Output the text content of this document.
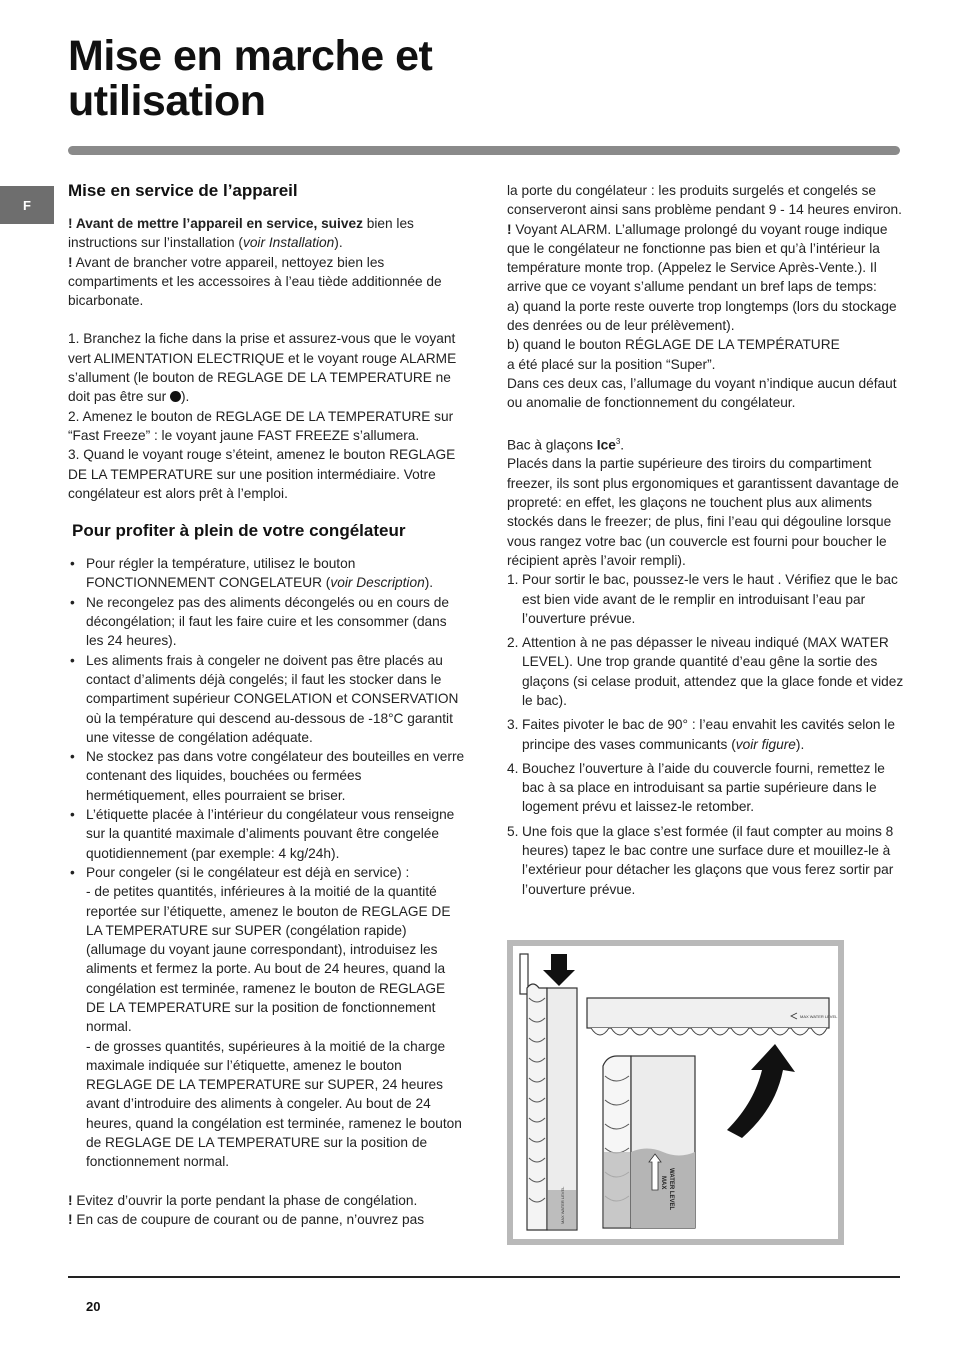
Mise en marche et
utilisation
F
Mise en service de l’appareil

! Avant de mettre l’appareil en service, suivez bien les instructions sur l’installation (voir Installation).

! Avant de brancher votre appareil, nettoyez bien les compartiments et les accessoires à l’eau tiède additionnée de bicarbonate.

1. Branchez la fiche dans la prise et assurez-vous que le voyant vert ALIMENTATION ELECTRIQUE et le voyant rouge ALARME s’allument (le bouton de REGLAGE DE LA TEMPERATURE ne doit pas être sur ).

2. Amenez le bouton de REGLAGE DE LA TEMPERATURE sur “Fast Freeze” : le voyant jaune FAST FREEZE s’allumera.

3. Quand le voyant rouge s’éteint, amenez le bouton REGLAGE DE LA TEMPERATURE sur une position intermédiaire. Votre congélateur est alors prêt à l’emploi.

Pour profiter à plein de votre congélateur
• Pour régler la température, utilisez le bouton FONCTIONNEMENT CONGELATEUR (voir Description).
• Ne recongelez pas des aliments décongelés ou en cours de décongélation; il faut les faire cuire et les consommer (dans les 24 heures).
• Les aliments frais à congeler ne doivent pas être placés au contact d’aliments déjà congelés; il faut les stocker dans le compartiment supérieur CONGELATION et CONSERVATION où la température qui descend au-dessous de -18°C garantit une vitesse de congélation adéquate.
• Ne stockez pas dans votre congélateur des bouteilles en verre contenant des liquides, bouchées ou fermées hermétiquement, elles pourraient se briser.
• L’étiquette placée à l’intérieur du congélateur vous renseigne sur la quantité maximale d’aliments pouvant être congelée quotidiennement (par exemple: 4 kg/24h).
• Pour congeler (si le congélateur est déjà en service) :
- de petites quantités, inférieures à la moitié de la quantité reportée sur l’étiquette, amenez le bouton de REGLAGE DE LA TEMPERATURE sur SUPER (congélation rapide) (allumage du voyant jaune correspondant), introduisez les aliments et fermez la porte. Au bout de 24 heures, quand la congélation est terminée, ramenez le bouton de REGLAGE DE LA TEMPERATURE sur la position de fonctionnement normal.
- de grosses quantités, supérieures à la moitié de la charge maximale indiquée sur l’étiquette, amenez le bouton REGLAGE DE LA TEMPERATURE sur SUPER, 24 heures avant d’introduire des aliments à congeler. Au bout de 24 heures, quand la congélation est terminée, ramenez le bouton de REGLAGE DE LA TEMPERATURE sur la position de fonctionnement normal.

! Evitez d’ouvrir la porte pendant la phase de congélation.

! En cas de coupure de courant ou de panne, n’ouvrez pas

la porte du congélateur : les produits surgelés et congelés se conserveront ainsi sans problème pendant 9 - 14 heures environ.

! Voyant ALARM. L’allumage prolongé du voyant rouge indique que le congélateur ne fonctionne pas bien et qu’à l’intérieur la température monte trop. (Appelez le Service Après-Vente.). Il arrive que ce voyant s’allume pendant un bref laps de temps:

a) quand la porte reste ouverte trop longtemps (lors du stockage des denrées ou de leur prélèvement).

b) quand le bouton RÉGLAGE DE LA TEMPÉRATURE

a été placé sur la position “Super”.

Dans ces deux cas, l’allumage du voyant n’indique aucun défaut ou anomalie de fonctionnement du congélateur.

Bac à glaçons Ice$^3$.

Placés dans la partie supérieure des tiroirs du compartiment freezer, ils sont plus ergonomiques et garantissent davantage de propreté: en effet, les glaçons ne touchent plus aux aliments stockés dans le freezer; de plus, fini l’eau qui dégouline lorsque vous rangez votre bac (un couvercle est fourni pour boucher le récipient après l’avoir rempli).

1. Pour sortir le bac, poussez-le vers le haut . Vérifiez que le bac est bien vide avant de le remplir en introduisant l’eau par l’ouverture prévue.
2. Attention à ne pas dépasser le niveau indiqué (MAX WATER LEVEL). Une trop grande quantité d’eau gêne la sortie des glaçons (si celase produit, attendez que la glace fonde et videz le bac).
3. Faites pivoter le bac de 90° : l’eau envahit les cavités selon le principe des vases communicants (voir figure).
4. Bouchez l’ouverture à l’aide du couvercle fourni, remettez le bac à sa place en introduisant sa partie supérieure dans le logement prévu et laissez-le retomber.
5. Une fois que la glace s’est formée (il faut compter au moins 8 heures) tapez le bac contre une surface dure et mouillez-le à l’extérieur pour détacher les glaçons que vous ferez sortir par l’ouverture prévue.
MAX WATER LEVEL
MAX WATER LEVEL
MAX WATER LEVEL
20
